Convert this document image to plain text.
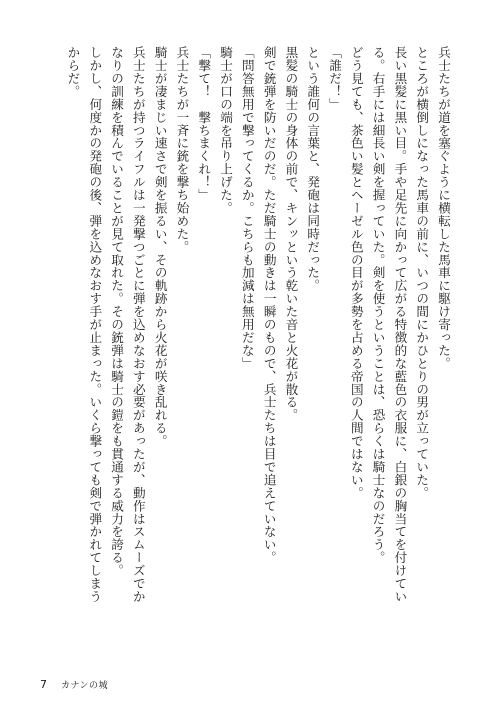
兵士たちが道を塞ぐように横転した馬車に駆け寄った。

ところが横倒しになった馬車の前に、いつの間にかひとりの男が立っていた。

長い黒髪に黒い目。手や足先に向かって広がる特徴的な藍色の衣服に、白銀の胸当てを付けてい

る。右手には細長い剣を握っていた。剣を使うということは、恐らくは騎士なのだろう。

どう見ても、茶色い髪とヘーゼル色の目が多勢を占める帝国の人間ではない。

「誰だ！」

という誰何の言葉と、発砲は同時だった。

黒髪の騎士の身体の前で、キンッという乾いた音と火花が散る。

剣で銃弾を防いだのだ。ただ騎士の動きは一瞬のもので、兵士たちは目で追えていない。

「問答無用で撃ってくるか。こちらも加減は無用だな」

騎士が口の端を吊り上げた。

「撃て！　撃ちまくれ！」

兵士たちが一斉に銃を撃ち始めた。

騎士が凄まじい速さで剣を振るい、その軌跡から火花が咲き乱れる。

兵士たちが持つライフルは一発撃つごとに弾を込めなおす必要があったが、動作はスムーズでか

なりの訓練を積んでいることが見て取れた。その銃弾は騎士の鎧をも貫通する威力を誇る。

しかし、何度かの発砲の後、弾を込めなおす手が止まった。いくら撃っても剣で弾かれてしまう

からだ。

7 カナンの城
